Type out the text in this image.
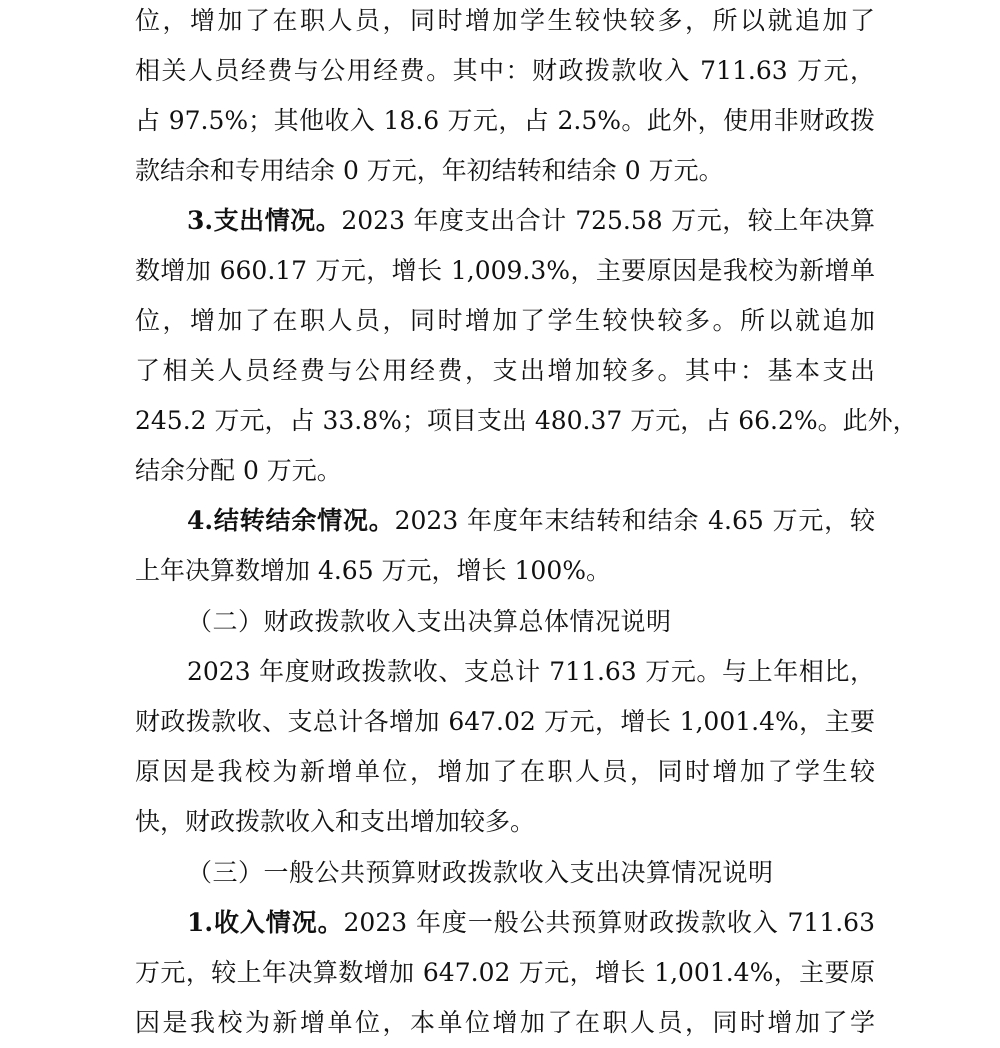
位，增加了在职人员，同时增加学生较快较多，所以就追加了
相关人员经费与公用经费。其中：财政拨款收入 711.63 万元，
占 97.5%；其他收入 18.6 万元，占 2.5%。此外，使用非财政拨
款结余和专用结余 0 万元，年初结转和结余 0 万元。
3.支出情况。2023 年度支出合计 725.58 万元，较上年决算
数增加 660.17 万元，增长 1,009.3%，主要原因是我校为新增单
位，增加了在职人员，同时增加了学生较快较多。所以就追加
了相关人员经费与公用经费，支出增加较多。其中：基本支出
245.2 万元，占 33.8%；项目支出 480.37 万元，占 66.2%。此外，
结余分配 0 万元。
4.结转结余情况。2023 年度年末结转和结余 4.65 万元，较
上年决算数增加 4.65 万元，增长 100%。
（二）财政拨款收入支出决算总体情况说明
2023 年度财政拨款收、支总计 711.63 万元。与上年相比，
财政拨款收、支总计各增加 647.02 万元，增长 1,001.4%，主要
原因是我校为新增单位，增加了在职人员，同时增加了学生较
快，财政拨款收入和支出增加较多。
（三）一般公共预算财政拨款收入支出决算情况说明
1.收入情况。2023 年度一般公共预算财政拨款收入 711.63
万元，较上年决算数增加 647.02 万元，增长 1,001.4%，主要原
因是我校为新增单位，本单位增加了在职人员，同时增加了学
